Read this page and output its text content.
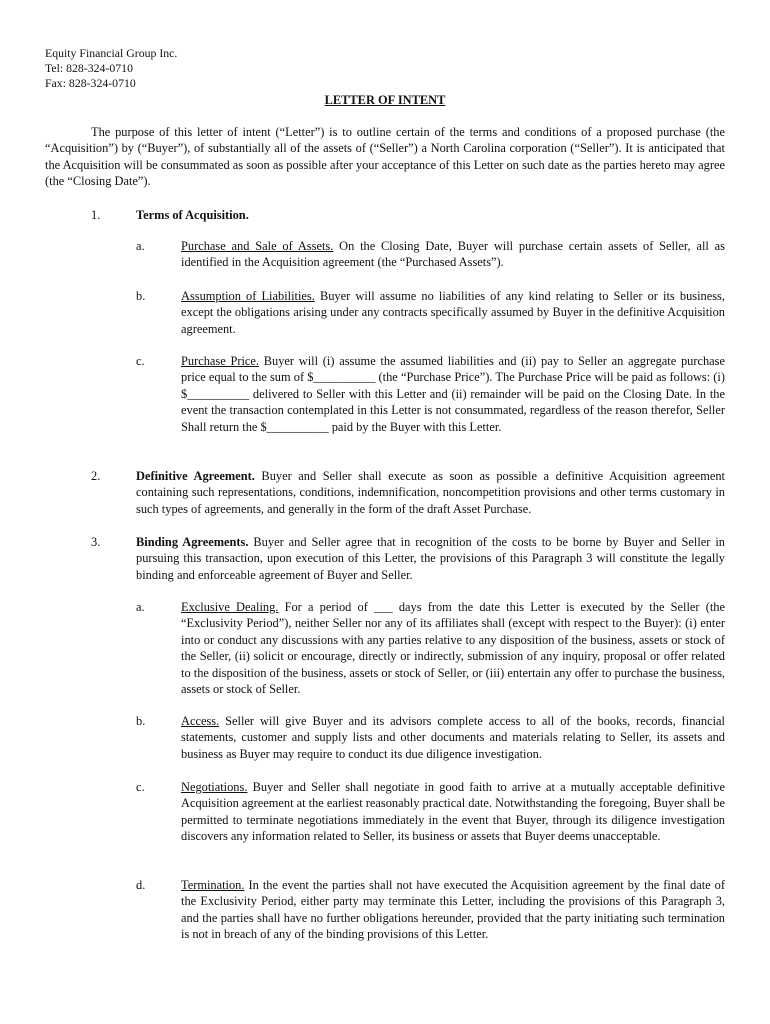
Equity Financial Group Inc.
Tel: 828-324-0710
Fax: 828-324-0710
LETTER OF INTENT

The purpose of this letter of intent (“Letter”) is to outline certain of the terms and conditions of a proposed purchase (the “Acquisition”) by (“Buyer”), of substantially all of the assets of (“Seller”) a North Carolina corporation (“Seller”). It is anticipated that the Acquisition will be consummated as soon as possible after your acceptance of this Letter on such date as the parties hereto may agree (the “Closing Date”).

1.	Terms of Acquisition.

a.	Purchase and Sale of Assets. On the Closing Date, Buyer will purchase certain assets of Seller, all as identified in the Acquisition agreement (the “Purchased Assets”).

b.	Assumption of Liabilities. Buyer will assume no liabilities of any kind relating to Seller or its business, except the obligations arising under any contracts specifically assumed by Buyer in the definitive Acquisition agreement.

c.	Purchase Price. Buyer will (i) assume the assumed liabilities and (ii) pay to Seller an aggregate purchase price equal to the sum of $__________ (the “Purchase Price”). The Purchase Price will be paid as follows: (i) $__________ delivered to Seller with this Letter and (ii) remainder will be paid on the Closing Date. In the event the transaction contemplated in this Letter is not consummated, regardless of the reason therefor, Seller Shall return the $__________ paid by the Buyer with this Letter.

2.	Definitive Agreement. Buyer and Seller shall execute as soon as possible a definitive Acquisition agreement containing such representations, conditions, indemnification, noncompetition provisions and other terms customary in such types of agreements, and generally in the form of the draft Asset Purchase.

3.	Binding Agreements. Buyer and Seller agree that in recognition of the costs to be borne by Buyer and Seller in pursuing this transaction, upon execution of this Letter, the provisions of this Paragraph 3 will constitute the legally binding and enforceable agreement of Buyer and Seller.

a.	Exclusive Dealing. For a period of ___ days from the date this Letter is executed by the Seller (the “Exclusivity Period”), neither Seller nor any of its affiliates shall (except with respect to the Buyer): (i) enter into or conduct any discussions with any parties relative to any disposition of the business, assets or stock of the Seller, (ii) solicit or encourage, directly or indirectly, submission of any inquiry, proposal or offer related to the disposition of the business, assets or stock of Seller, or (iii) entertain any offer to purchase the business, assets or stock of Seller.

b.	Access. Seller will give Buyer and its advisors complete access to all of the books, records, financial statements, customer and supply lists and other documents and materials relating to Seller, its assets and business as Buyer may require to conduct its due diligence investigation.

c.	Negotiations. Buyer and Seller shall negotiate in good faith to arrive at a mutually acceptable definitive Acquisition agreement at the earliest reasonably practical date. Notwithstanding the foregoing, Buyer shall be permitted to terminate negotiations immediately in the event that Buyer, through its diligence investigation discovers any information related to Seller, its business or assets that Buyer deems unacceptable.

d.	Termination. In the event the parties shall not have executed the Acquisition agreement by the final date of the Exclusivity Period, either party may terminate this Letter, including the provisions of this Paragraph 3, and the parties shall have no further obligations hereunder, provided that the party initiating such termination is not in breach of any of the binding provisions of this Letter.
